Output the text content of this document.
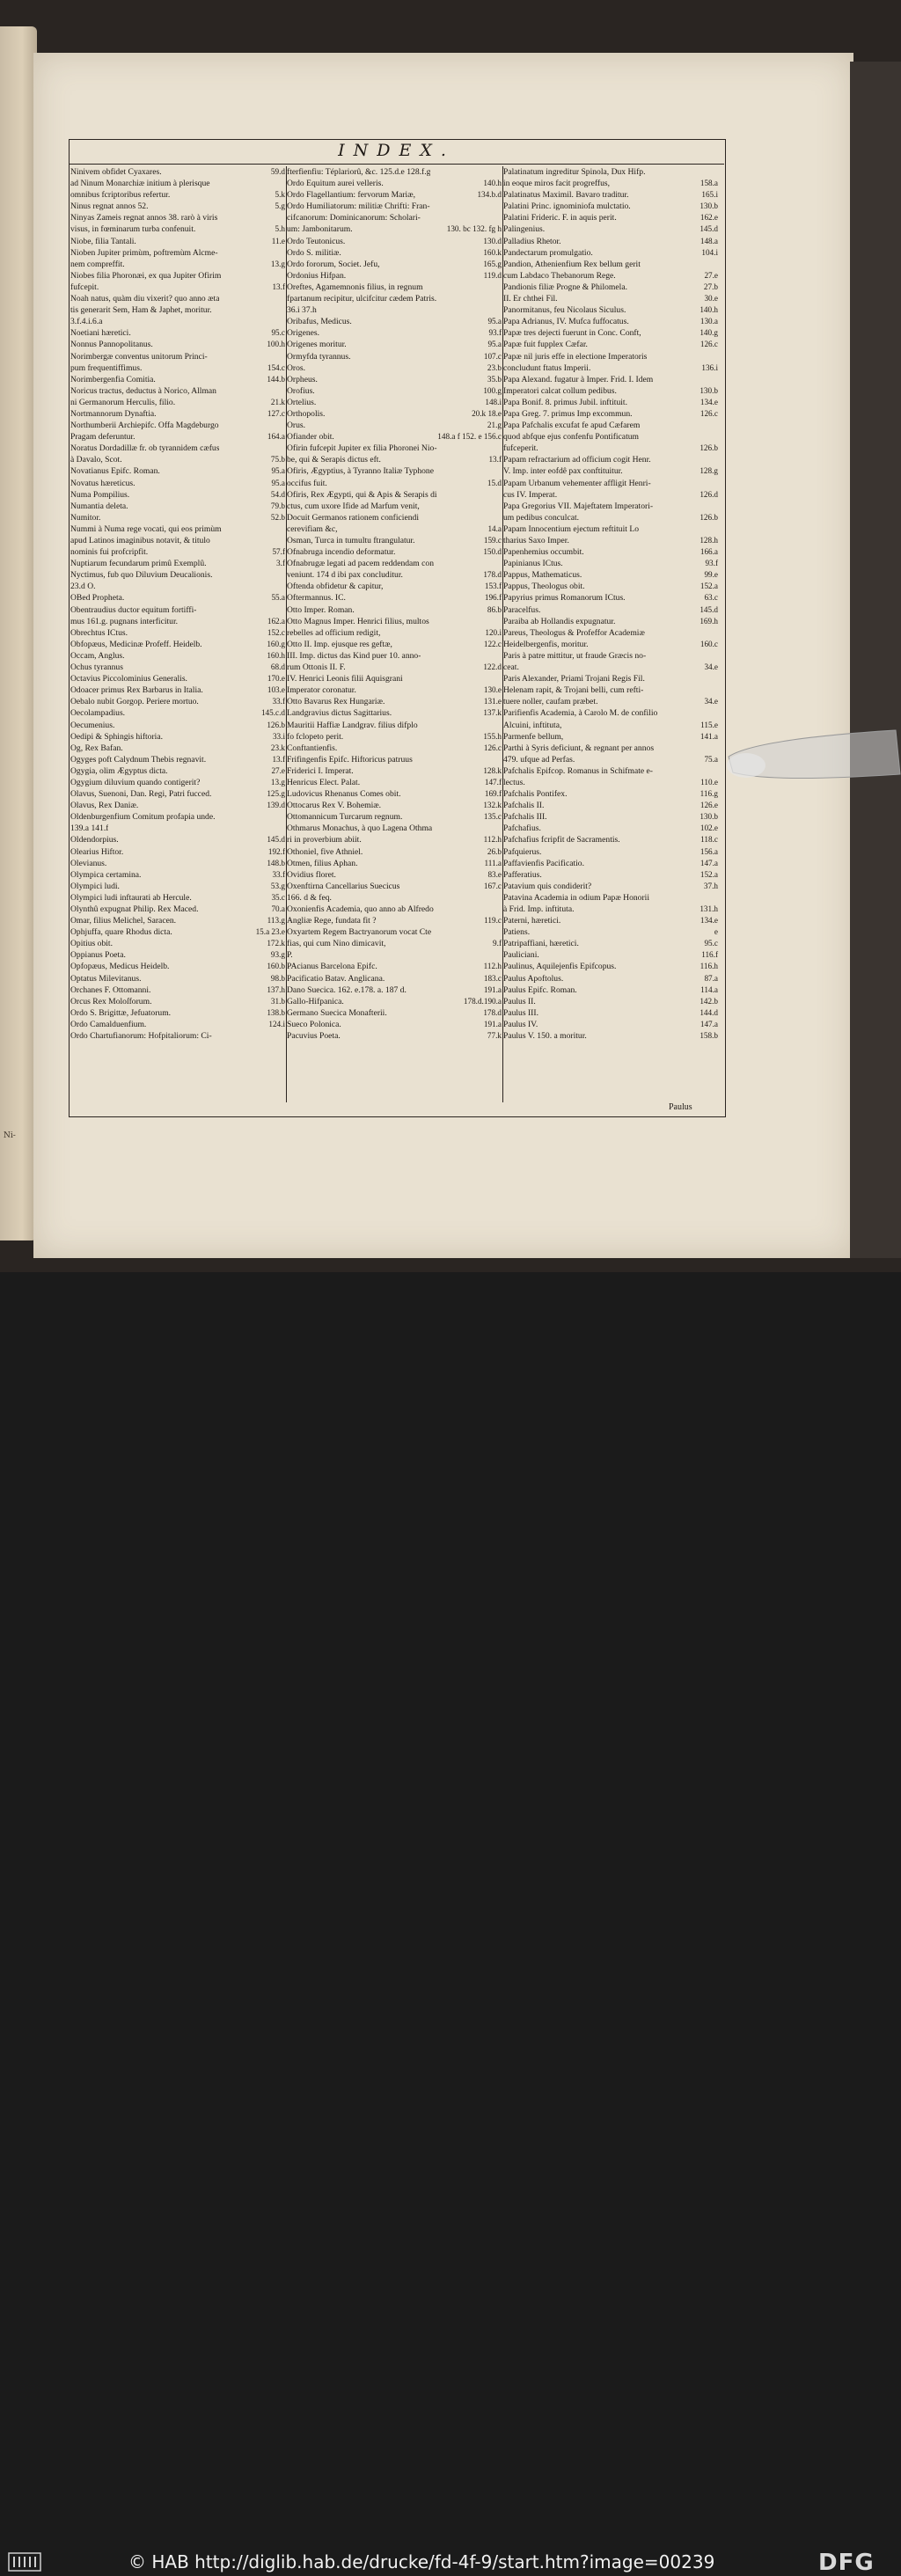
Ni-
INDEX.
Ninivem obfidet Cyaxares.	59.d
ad Ninum Monarchiæ initium à plerisque
omnibus fcriptoribus refertur.	5.k
Ninus regnat annos 52.	5.g
Ninyas Zameis regnat annos 38. rarò à viris
visus, in fœminarum turba confenuit.	5.h
Niobe, filia Tantali.	11.e
Nioben Jupiter primùm, poftremùm Alcme-
nem compreffit.	13.g
Niobes filia Phoronæi, ex qua Jupiter Ofirim
fufcepit.	13.f
Noah natus, quàm diu vixerit? quo anno æta
tis generarit Sem, Ham & Japhet, moritur.
3.f.4.i.6.a
Noetiani hæretici.	95.c
Nonnus Pannopolitanus.	100.h
Norimbergæ conventus unitorum Princi-
pum frequentiffimus.	154.c
Norimbergenfia Comitia.	144.b
Noricus tractus, deductus à Norico, Allman
ni Germanorum Herculis, filio.	21.k
Nortmannorum Dynaftia.	127.c
Northumberii Archiepifc. Offa Magdeburgo
Pragam deferuntur.	164.a
Noratus Dordadillæ fr. ob tyrannidem cæfus
à Davalo, Scot.	75.b
Novatianus Epifc. Roman.	95.a
Novatus hæreticus.	95.a
Numa Pompilius.	54.d
Numantia deleta.	79.b
Numitor.	52.b
Nummi à Numa rege vocati, qui eos primùm
apud Latinos imaginibus notavit, & titulo
nominis fui profcripfit.	57.f
Nuptiarum fecundarum primû Exemplû.	3.f
Nyctimus, fub quo Diluvium Deucalionis.
23.d O.
OBed Propheta.	55.a
Obentraudius ductor equitum fortiffi-
mus 161.g. pugnans interficitur.	162.a
Obrechtus ICtus.	152.c
Obfopæus, Medicinæ Profeff. Heidelb.	160.g
Occam, Anglus.	160.h
Ochus tyrannus	68.d
Octavius Piccolominius Generalis.	170.e
Odoacer primus Rex Barbarus in Italia.	103.e
Oebalo nubit Gorgop. Periere mortuo.	33.f
Oecolampadius.	145.c.d
Oecumenius.	126.b
Oedipi & Sphingis hiftoria.	33.i
Og, Rex Bafan.	23.k
Ogyges poft Calydnum Thebis regnavit.	13.f
Ogygia, olim Ægyptus dicta.	27.e
Ogygium diluvium quando contigerit?	13.g
Olavus, Suenoni, Dan. Regi, Patri fucced.	125.g
Olavus, Rex Daniæ.	139.d
Oldenburgenfium Comitum profapia unde.
139.a 141.f
Oldendorpius.	145.d
Olearius Hiftor.	192.f
Olevianus.	148.b
Olympica certamina.	33.f
Olympici ludi.	53.g
Olympici ludi inftaurati ab Hercule.	35.c
Olynthû expugnat Philip. Rex Maced.	70.a
Omar, filius Melichel, Saracen.	113.g
Ophjuffa, quare Rhodus dicta.	15.a 23.e
Opitius obit.	172.k
Oppianus Poeta.	93.g
Opfopæus, Medicus Heidelb.	160.b
Optatus Milevitanus.	98.b
Orchanes F. Ottomanni.	137.h
Orcus Rex Moloſforum.	31.b
Ordo S. Brigittæ, Jefuatorum.	138.b
Ordo Camalduenfium.	124.i
Ordo Chartufianorum: Hofpitaliorum: Ci-
fterfienfiu: Téplariorû, &c. 125.d.e 128.f.g
Ordo Equitum aurei velleris.	140.h
Ordo Flagellantium: fervorum Mariæ,	134.b.d
Ordo Humiliatorum: militiæ Chrifti: Fran-
cifcanorum: Dominicanorum: Scholari-
um: Jambonitarum.	130. bc 132. fg h
Ordo Teutonicus.	130.d
Ordo S. militiæ.	160.k
Ordo fororum, Societ. Jefu,	165.g
Ordonius Hifpan.	119.d
Oreftes, Agamemnonis filius, in regnum
fpartanum recipitur, ulcifcitur cædem Patris.
36.i 37.h
Oribafus, Medicus.	95.a
Origenes.	93.f
Origenes moritur.	95.a
Ormyfda tyrannus.	107.c
Oros.	23.b
Orpheus.	35.b
Orofius.	100.g
Ortelius.	148.i
Orthopolis.	20.k 18.e
Orus.	21.g
Ofiander obit.	148.a f 152. e 156.c
Ofirin fufcepit Jupiter ex filia Phoronei Nio-
be, qui & Serapis dictus eft.	13.f
Ofiris, Ægyptius, à Tyranno Italiæ Typhone
occifus fuit.	15.d
Ofiris, Rex Ægypti, qui & Apis & Serapis di
ctus, cum uxore Ifide ad Marfum venit,
Docuit Germanos rationem conficiendi
cerevifiam &c,	14.a
Osman, Turca in tumultu ftrangulatur.	159.c
Ofnabruga incendio deformatur.	150.d
Ofnabrugæ legati ad pacem reddendam con
veniunt. 174 d ibi pax concluditur.	178.d
Oftenda obfidetur & capitur,	153.f
Oftermannus. IC.	196.f
Otto Imper. Roman.	86.b
Otto Magnus Imper. Henrici filius, multos
rebelles ad officium redigit,	120.i
Otto II. Imp. ejusque res geftæ,	122.c
III. Imp. dictus das Kind puer 10. anno-
rum Ottonis II. F.	122.d
IV. Henrici Leonis filii Aquisgrani
Imperator coronatur.	130.e
Otto Bavarus Rex Hungariæ.	131.e
Landgravius dictus Sagittarius.	137.k
Mauritii Haffiæ Landgrav. filius difplo
fo fclopeto perit.	155.h
Conftantienfis.	126.c
Frifingenfis Epifc. Hiftoricus patruus
Friderici I. Imperat.	128.k
Henricus Elect. Palat.	147.f
Ludovicus Rhenanus Comes obit.	169.f
Ottocarus Rex V. Bohemiæ.	132.k
Ottomannicum Turcarum regnum.	135.c
Othmarus Monachus, à quo Lagena Othma
ri in proverbium abiit.	112.h
Othoniel, five Athniel.	26.b
Otmen, filius Aphan.	111.a
Ovidius floret.	83.e
Oxenftirna Cancellarius Suecicus	167.c
166. d & feq.
Oxonienfis Academia, quo anno ab Alfredo
Angliæ Rege, fundata fit ?	119.c
Oxyartem Regem Bactryanorum vocat Cte
fias, qui cum Nino dimicavit,	9.f
P.
PAcianus Barcelona Epifc.	112.h
Pacificatio Batav. Anglicana.	183.c
Dano Suecica. 162. e.178. a. 187 d.	191.a
Gallo-Hifpanica.	178.d.190.a
Germano Suecica Monafterii.	178.d
Sueco Polonica.	191.a
Pacuvius Poeta.	77.k
Palatinatum ingreditur Spinola, Dux Hifp.
in eoque miros facit progreffus,	158.a
Palatinatus Maximil. Bavaro traditur.	165.i
Palatini Princ. ignominiofa mulctatio.	130.b
Palatini Frideric. F. in aquis perit.	162.e
Palingenius.	145.d
Palladius Rhetor.	148.a
Pandectarum promulgatio.	104.i
Pandion, Athenienfium Rex bellum gerit
cum Labdaco Thebanorum Rege.	27.e
Pandionis filiæ Progne & Philomela.	27.b
II. Er chthei Fil.	30.e
Panormitanus, feu Nicolaus Siculus.	140.h
Papa Adrianus, IV. Mufca fuffocatus.	130.a
Papæ tres dejecti fuerunt in Conc. Conft,	140.g
Papæ fuit fupplex Cæfar.	126.c
Papæ nil juris effe in electione Imperatoris
concludunt ftatus Imperii.	136.i
Papa Alexand. fugatur à Imper. Frid. I. Idem
Imperatori calcat collum pedibus.	130.b
Papa Bonif. 8. primus Jubil. inftituit.	134.e
Papa Greg. 7. primus Imp excommun.	126.c
Papa Pafchalis excufat fe apud Cæfarem
quod abfque ejus confenfu Pontificatum
fufceperit.	126.b
Papam refractarium ad officium cogit Henr.
V. Imp. inter eofdê pax conftituitur.	128.g
Papam Urbanum vehementer affligit Henri-
cus IV. Imperat.	126.d
Papa Gregorius VII. Majeftatem Imperatori-
um pedibus conculcat.	126.b
Papam Innocentium ejectum reftituit Lo
tharius Saxo Imper.	128.h
Papenhemius occumbit.	166.a
Papinianus ICtus.	93.f
Pappus, Mathematicus.	99.e
Pappus, Theologus obit.	152.a
Papyrius primus Romanorum ICtus.	63.c
Paracelfus.	145.d
Paraiba ab Hollandis expugnatur.	169.h
Pareus, Theologus & Profeffor Academiæ
Heidelbergenfis, moritur.	160.c
Paris à patre mittitur, ut fraude Græcis no-
ceat.	34.e
Paris Alexander, Priami Trojani Regis Fil.
Helenam rapit, & Trojani belli, cum refti-
tuere noller, caufam præbet.	34.e
Parifienfis Academia, à Carolo M. de confilio
Alcuini, inftituta,	115.e
Parmenfe bellum,	141.a
Parthi à Syris deficiunt, & regnant per annos
479. ufque ad Perfas.	75.a
Pafchalis Epifcop. Romanus in Schifmate e-
lectus.	110.e
Pafchalis Pontifex.	116.g
Pafchalis II.	126.e
Pafchalis III.	130.b
Pafchafius.	102.e
Pafchafius fcripfit de Sacramentis.	118.c
Pafquierus.	156.a
Paffavienfis Pacificatio.	147.a
Pafferatius.	152.a
Patavium quis condiderit?	37.h
Patavina Academia in odium Papæ Honorii
à Frid. Imp. inftituta.	131.h
Paterni, hæretici.	134.e
Patiens.	e
Patripaffiani, hæretici.	95.c
Pauliciani.	116.f
Paulinus, Aquilejenfis Epifcopus.	116.h
Paulus Apoftolus.	87.a
Paulus Epifc. Roman.	114.a
Paulus II.	142.b
Paulus III.	144.d
Paulus IV.	147.a
Paulus V. 150. a moritur.	158.b
Paulus
© HAB http://diglib.hab.de/drucke/fd-4f-9/start.htm?image=00239	DFG
